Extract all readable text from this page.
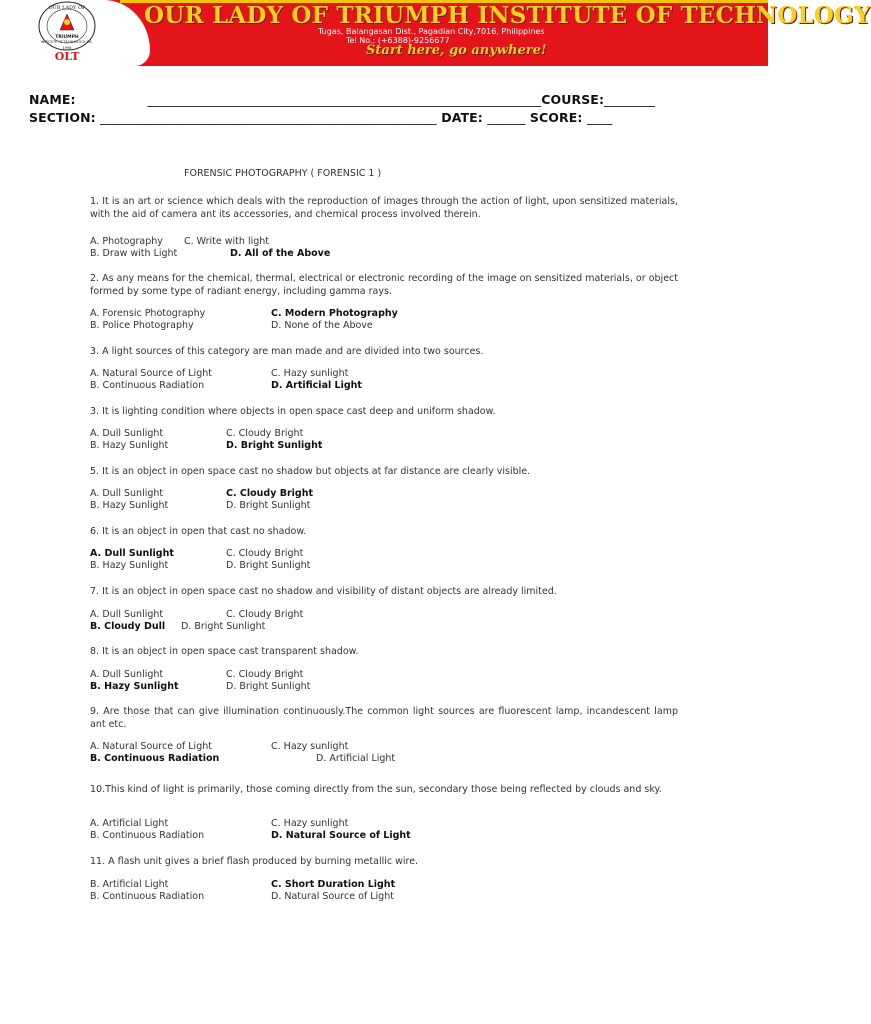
OUR LADY OF
TRIUMPH
INSTITUTE OF TECHNOLOGY INC.
1998
OLT
OUR LADY OF TRIUMPH INSTITUTE OF TECHNOLOGY
Tugas, Balangasan Dist., Pagadian City,7016, Philippines
Tel No.: (+6388)-9256677
Start here, go anywhere!
NAME:	______________________________________________________________COURSE:________
SECTION: _____________________________________________________ DATE: ______ SCORE: ____
FORENSIC PHOTOGRAPHY ( FORENSIC 1 )
1. It is an art or science which deals with the reproduction of images through the action of light, upon sensitized materials, with the aid of camera ant its accessories, and chemical process involved therein.
A. Photography C. Write with light
B. Draw with Light	D. All of the Above
2. As any means for the chemical, thermal, electrical or electronic recording of the image on sensitized materials, or object formed by some type of radiant energy, including gamma rays.
A. Forensic Photography	C. Modern Photography
B. Police Photography	D. None of the Above
3. A light sources of this category are man made and are divided into two sources.
A. Natural Source of Light	C. Hazy sunlight
B. Continuous Radiation	D. Artificial Light
3. It is lighting condition where objects in open space cast deep and uniform shadow.
A. Dull Sunlight	C. Cloudy Bright
B. Hazy Sunlight	D. Bright Sunlight
5. It is an object in open space cast no shadow but objects at far distance are clearly visible.
A. Dull Sunlight	C. Cloudy Bright
B. Hazy Sunlight	D. Bright Sunlight
6. It is an object in open that cast no shadow.
A. Dull Sunlight	C. Cloudy Bright
B. Hazy Sunlight	D. Bright Sunlight
7. It is an object in open space cast no shadow and visibility of distant objects are already limited.
A. Dull Sunlight	C. Cloudy Bright
B. Cloudy Dull D. Bright Sunlight
8. It is an object in open space cast transparent shadow.
A. Dull Sunlight	C. Cloudy Bright
B. Hazy Sunlight	D. Bright Sunlight
9. Are those that can give illumination continuously.The common light sources are fluorescent lamp, incandescent lamp ant etc.
A. Natural Source of Light	C. Hazy sunlight
B. Continuous Radiation	D. Artificial Light
10.This kind of light is primarily, those coming directly from the sun, secondary those being reflected by clouds and sky.
A. Artificial Light	C. Hazy sunlight
B. Continuous Radiation	D. Natural Source of Light
11. A flash unit gives a brief flash produced by burning metallic wire.
B. Artificial Light	C. Short Duration Light
B. Continuous Radiation	D. Natural Source of Light
